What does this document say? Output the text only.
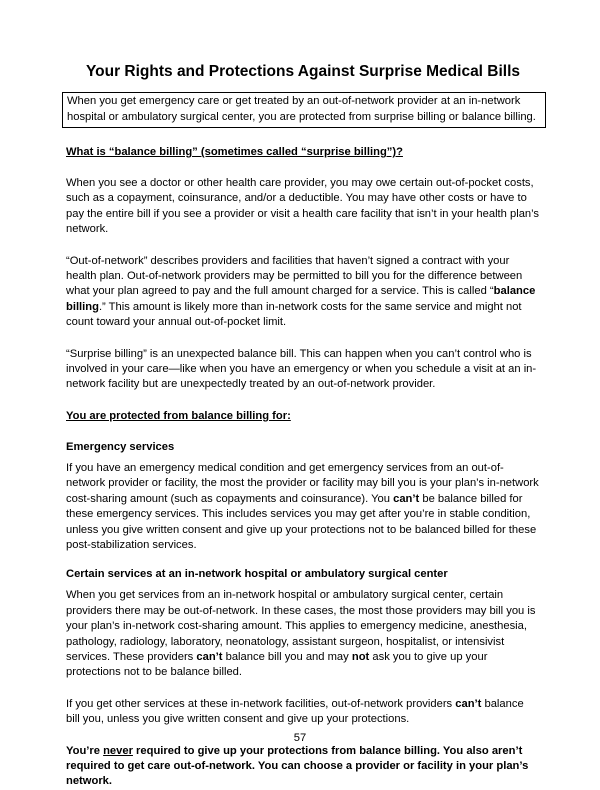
Your Rights and Protections Against Surprise Medical Bills
When you get emergency care or get treated by an out-of-network provider at an in-network hospital or ambulatory surgical center, you are protected from surprise billing or balance billing.
What is “balance billing” (sometimes called “surprise billing”)?

When you see a doctor or other health care provider, you may owe certain out-of-pocket costs, such as a copayment, coinsurance, and/or a deductible. You may have other costs or have to pay the entire bill if you see a provider or visit a health care facility that isn’t in your health plan’s network.

“Out-of-network” describes providers and facilities that haven’t signed a contract with your health plan. Out-of-network providers may be permitted to bill you for the difference between what your plan agreed to pay and the full amount charged for a service. This is called “balance billing.” This amount is likely more than in-network costs for the same service and might not count toward your annual out-of-pocket limit.

“Surprise billing” is an unexpected balance bill. This can happen when you can’t control who is involved in your care—like when you have an emergency or when you schedule a visit at an in-network facility but are unexpectedly treated by an out-of-network provider.

You are protected from balance billing for:
Emergency services

If you have an emergency medical condition and get emergency services from an out-of-network provider or facility, the most the provider or facility may bill you is your plan’s in-network cost-sharing amount (such as copayments and coinsurance). You can’t be balance billed for these emergency services. This includes services you may get after you’re in stable condition, unless you give written consent and give up your protections not to be balanced billed for these post-stabilization services.

Certain services at an in-network hospital or ambulatory surgical center

When you get services from an in-network hospital or ambulatory surgical center, certain providers there may be out-of-network. In these cases, the most those providers may bill you is your plan’s in-network cost-sharing amount. This applies to emergency medicine, anesthesia, pathology, radiology, laboratory, neonatology, assistant surgeon, hospitalist, or intensivist services. These providers can’t balance bill you and may not ask you to give up your protections not to be balance billed.

If you get other services at these in-network facilities, out-of-network providers can’t balance bill you, unless you give written consent and give up your protections.

You’re never required to give up your protections from balance billing. You also aren’t required to get care out-of-network. You can choose a provider or facility in your plan’s network.

57
